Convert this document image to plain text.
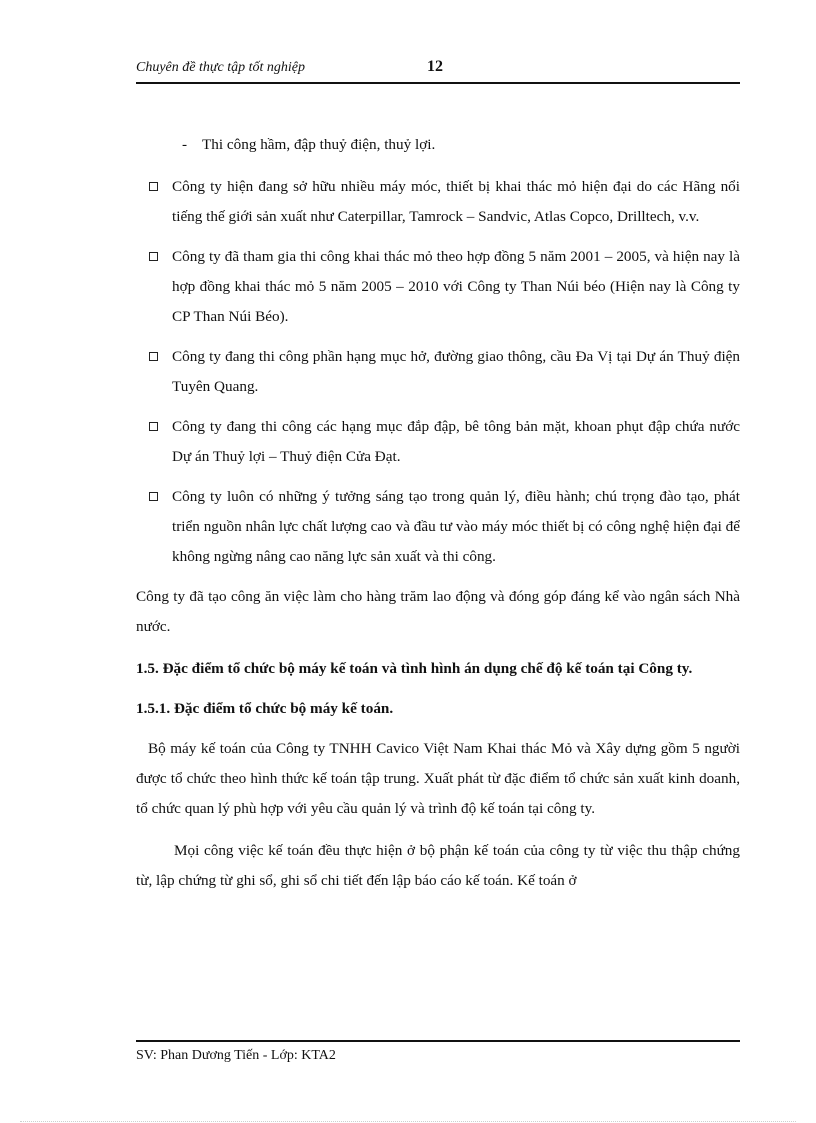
Chuyên đề thực tập tốt nghiệp	12
- Thi công hầm, đập thuỷ điện, thuỷ lợi.
Công ty hiện đang sở hữu nhiều máy móc, thiết bị khai thác mỏ hiện đại do các Hãng nổi tiếng thế giới sản xuất như Caterpillar, Tamrock – Sandvic, Atlas Copco, Drilltech, v.v.
Công ty đã tham gia thi công khai thác mỏ theo hợp đồng 5 năm 2001 – 2005, và hiện nay là hợp đồng khai thác mỏ 5 năm 2005 – 2010 với Công ty Than Núi béo (Hiện nay là Công ty CP Than Núi Béo).
Công ty đang thi công phần hạng mục hở, đường giao thông, cầu Đa Vị tại Dự án Thuỷ điện Tuyên Quang.
Công ty đang thi công các hạng mục đắp đập, bê tông bản mặt, khoan phụt đập chứa nước Dự án Thuỷ lợi – Thuỷ điện Cửa Đạt.
Công ty luôn có những ý tưởng sáng tạo trong quản lý, điều hành; chú trọng đào tạo, phát triển nguồn nhân lực chất lượng cao và đầu tư vào máy móc thiết bị có công nghệ hiện đại để không ngừng nâng cao năng lực sản xuất và thi công.

Công ty đã tạo công ăn việc làm cho hàng trăm lao động và đóng góp đáng kể vào ngân sách Nhà nước.

1.5. Đặc điểm tổ chức bộ máy kế toán và tình hình án dụng chế độ kế toán tại Công ty.

1.5.1. Đặc điểm tổ chức bộ máy kế toán.

Bộ máy kế toán của Công ty TNHH Cavico Việt Nam Khai thác Mỏ và Xây dựng gồm 5 người được tổ chức theo hình thức kế toán tập trung. Xuất phát từ đặc điểm tổ chức sản xuất kinh doanh, tổ chức quan lý phù hợp với yêu cầu quản lý và trình độ kế toán tại công ty.

Mọi công việc kế toán đều thực hiện ở bộ phận kế toán của công ty từ việc thu thập chứng từ, lập chứng từ ghi sổ, ghi sổ chi tiết đến lập báo cáo kế toán. Kế toán ở

SV: Phan Dương Tiến - Lớp: KTA2
